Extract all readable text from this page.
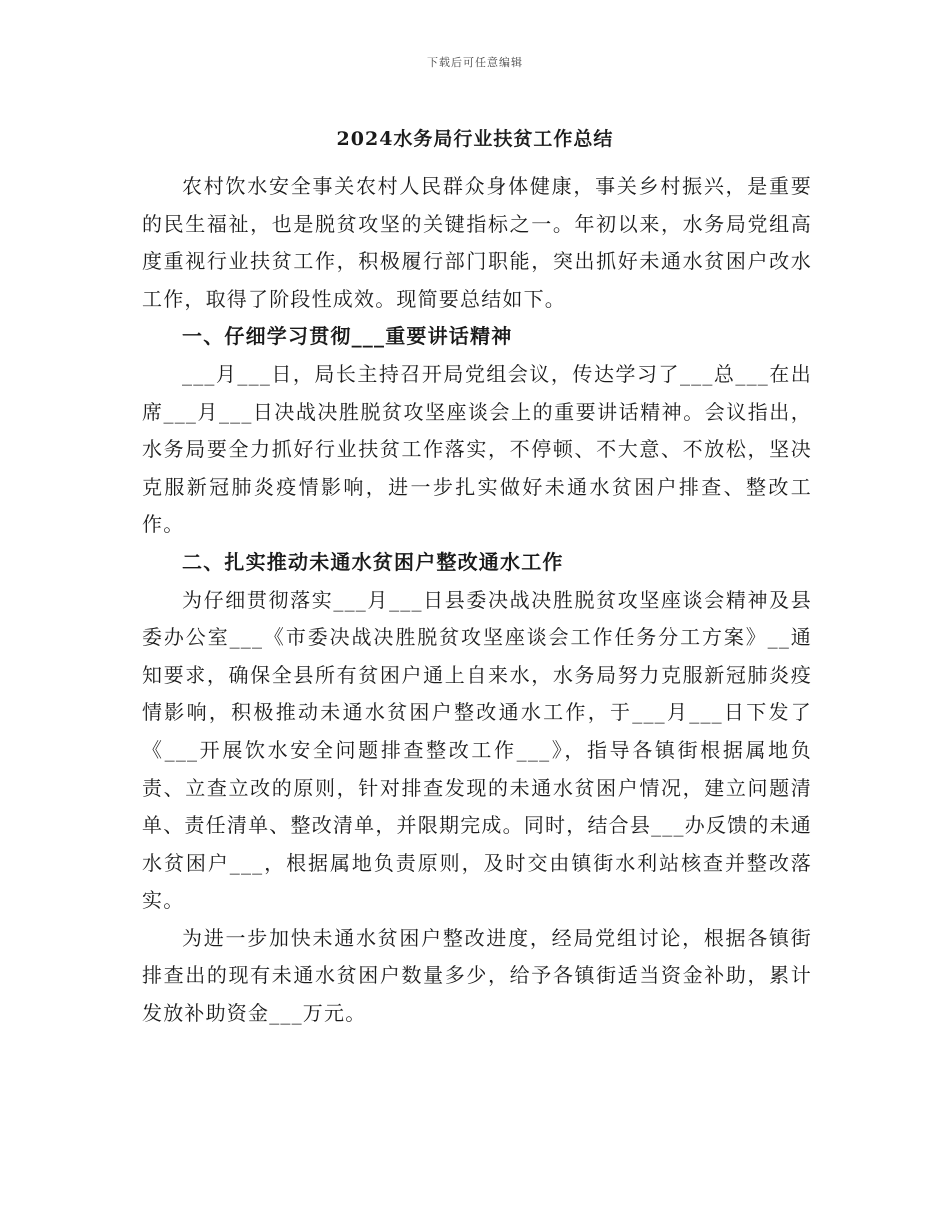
下载后可任意编辑
2024水务局行业扶贫工作总结

农村饮水安全事关农村人民群众身体健康，事关乡村振兴，是重要的民生福祉，也是脱贫攻坚的关键指标之一。年初以来，水务局党组高度重视行业扶贫工作，积极履行部门职能，突出抓好未通水贫困户改水工作，取得了阶段性成效。现简要总结如下。

一、仔细学习贯彻___重要讲话精神

___月___日，局长主持召开局党组会议，传达学习了___总___在出席___月___日决战决胜脱贫攻坚座谈会上的重要讲话精神。会议指出，水务局要全力抓好行业扶贫工作落实，不停顿、不大意、不放松，坚决克服新冠肺炎疫情影响，进一步扎实做好未通水贫困户排查、整改工作。

二、扎实推动未通水贫困户整改通水工作

为仔细贯彻落实___月___日县委决战决胜脱贫攻坚座谈会精神及县委办公室___《市委决战决胜脱贫攻坚座谈会工作任务分工方案》__通知要求，确保全县所有贫困户通上自来水，水务局努力克服新冠肺炎疫情影响，积极推动未通水贫困户整改通水工作，于___月___日下发了《___开展饮水安全问题排查整改工作___》，指导各镇街根据属地负责、立查立改的原则，针对排查发现的未通水贫困户情况，建立问题清单、责任清单、整改清单，并限期完成。同时，结合县___办反馈的未通水贫困户___，根据属地负责原则，及时交由镇街水利站核查并整改落实。

为进一步加快未通水贫困户整改进度，经局党组讨论，根据各镇街排查出的现有未通水贫困户数量多少，给予各镇街适当资金补助，累计发放补助资金___万元。
